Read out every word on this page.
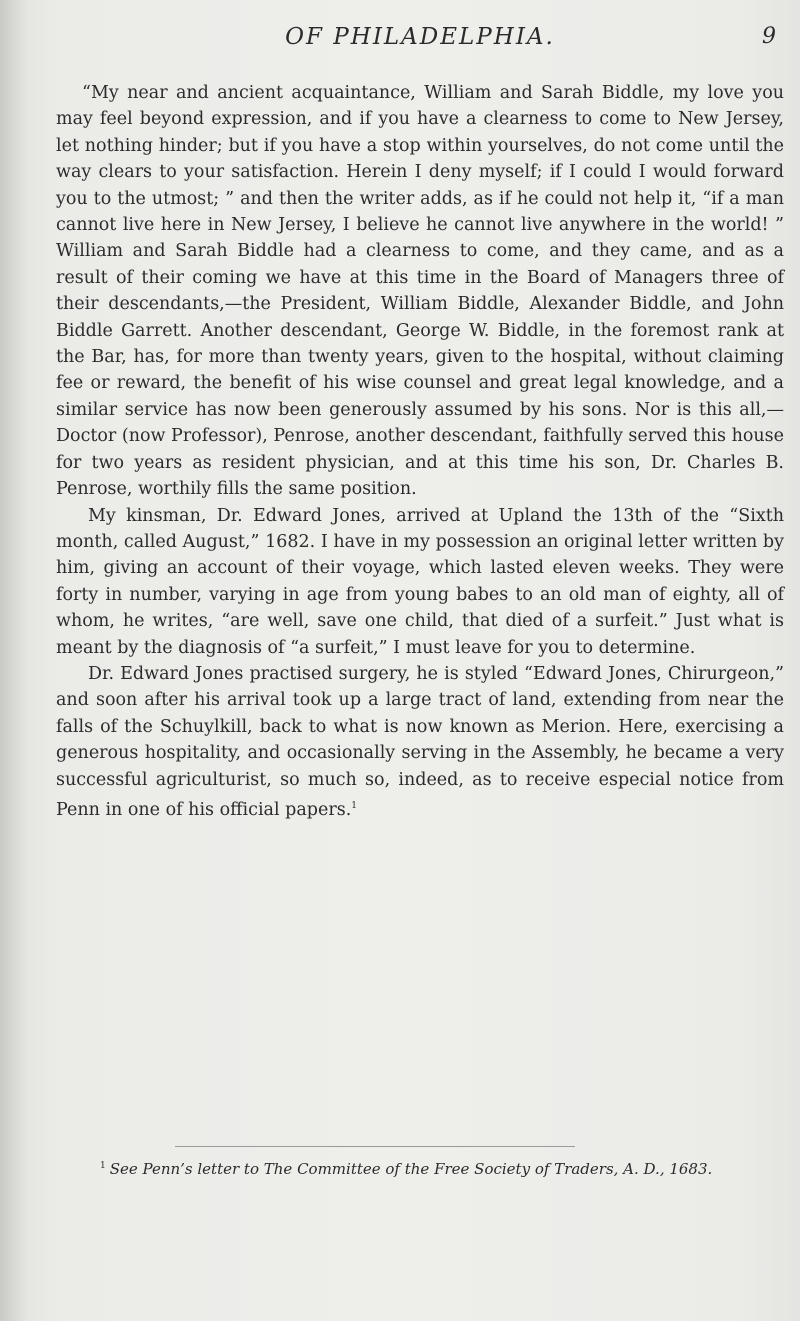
OF PHILADELPHIA.	9

“My near and ancient acquaintance, William and Sarah Biddle, my love you may feel beyond expression, and if you have a clearness to come to New Jersey, let nothing hinder; but if you have a stop within yourselves, do not come until the way clears to your satisfaction. Herein I deny myself; if I could I would forward you to the utmost; ” and then the writer adds, as if he could not help it, “if a man cannot live here in New Jersey, I believe he cannot live anywhere in the world! ” William and Sarah Biddle had a clearness to come, and they came, and as a result of their coming we have at this time in the Board of Managers three of their descendants,—the President, William Biddle, Alexander Biddle, and John Biddle Garrett. Another descendant, George W. Biddle, in the foremost rank at the Bar, has, for more than twenty years, given to the hospital, without claiming fee or reward, the benefit of his wise counsel and great legal knowledge, and a similar service has now been generously assumed by his sons. Nor is this all,—Doctor (now Professor), Penrose, another descendant, faithfully served this house for two years as resident physician, and at this time his son, Dr. Charles B. Penrose, worthily fills the same position.

My kinsman, Dr. Edward Jones, arrived at Upland the 13th of the “Sixth month, called August,” 1682. I have in my possession an original letter written by him, giving an account of their voyage, which lasted eleven weeks. They were forty in number, varying in age from young babes to an old man of eighty, all of whom, he writes, “are well, save one child, that died of a surfeit.” Just what is meant by the diagnosis of “a surfeit,” I must leave for you to determine.

Dr. Edward Jones practised surgery, he is styled “Edward Jones, Chirurgeon,” and soon after his arrival took up a large tract of land, extending from near the falls of the Schuylkill, back to what is now known as Merion. Here, exercising a generous hospitality, and occasionally serving in the Assembly, he became a very successful agriculturist, so much so, indeed, as to receive especial notice from Penn in one of his official papers.$^1$

$^1$ See Penn’s letter to The Committee of the Free Society of Traders, A. D., 1683.
